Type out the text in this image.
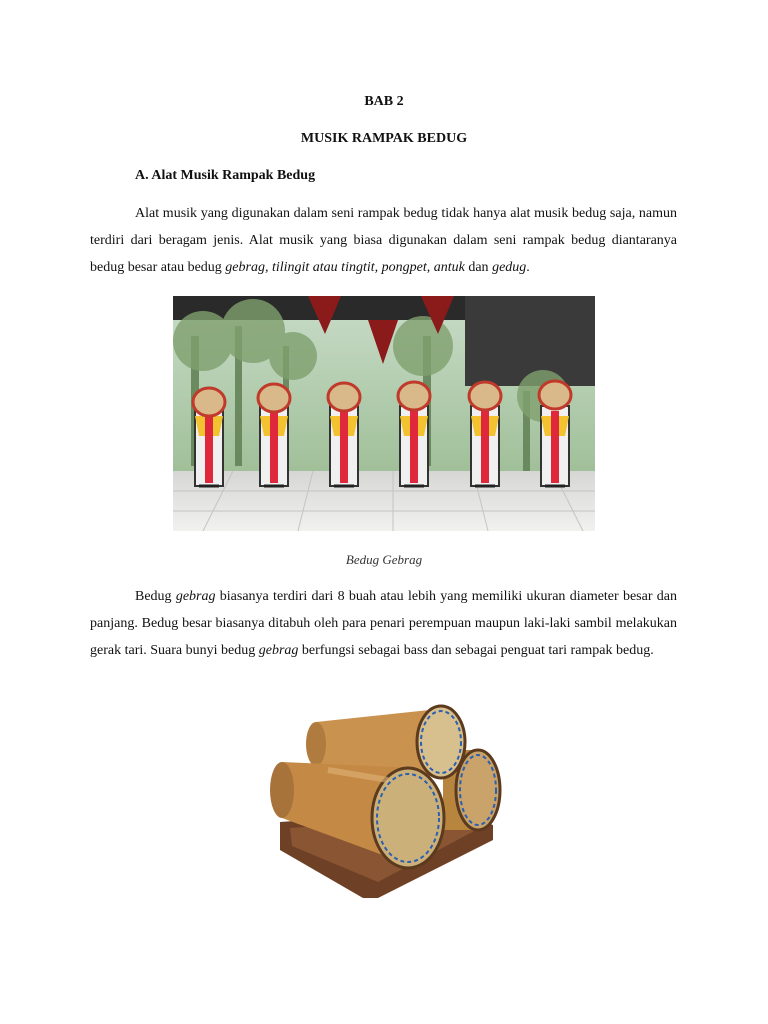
BAB 2
MUSIK RAMPAK BEDUG
A. Alat Musik Rampak Bedug

Alat musik yang digunakan dalam seni rampak bedug tidak hanya alat musik bedug saja, namun terdiri dari beragam jenis. Alat musik yang biasa digunakan dalam seni rampak bedug diantaranya bedug besar atau bedug gebrag, tilingit atau tingtit, pongpet, antuk dan gedug.

Bedug Gebrag

Bedug gebrag biasanya terdiri dari 8 buah atau lebih yang memiliki ukuran diameter besar dan panjang. Bedug besar biasanya ditabuh oleh para penari perempuan maupun laki-laki sambil melakukan gerak tari. Suara bunyi bedug gebrag berfungsi sebagai bass dan sebagai penguat tari rampak bedug.
